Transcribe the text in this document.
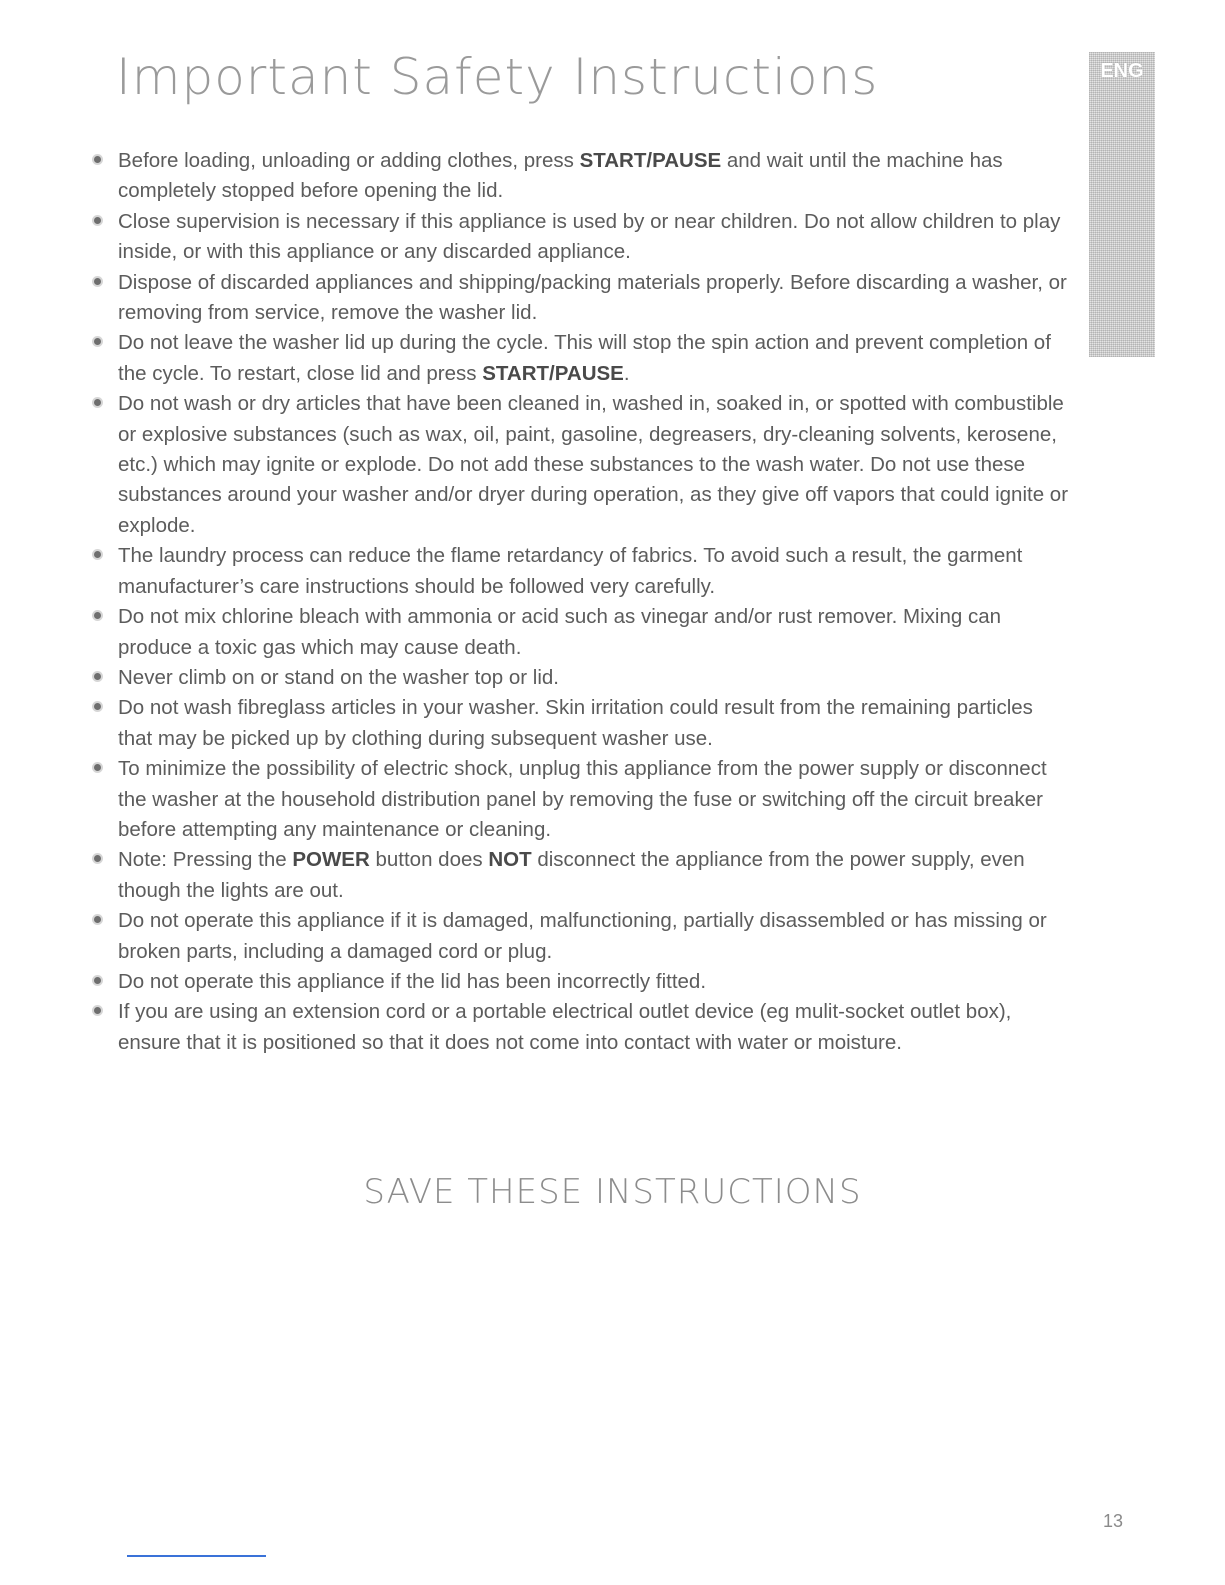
Important Safety Instructions	ENG
Before loading, unloading or adding clothes, press START/PAUSE and wait until the machine has completely stopped before opening the lid.
Close supervision is necessary if this appliance is used by or near children. Do not allow children to play inside, or with this appliance or any discarded appliance.
Dispose of discarded appliances and shipping/packing materials properly. Before discarding a washer, or removing from service, remove the washer lid.
Do not leave the washer lid up during the cycle. This will stop the spin action and prevent completion of the cycle. To restart, close lid and press START/PAUSE.
Do not wash or dry articles that have been cleaned in, washed in, soaked in, or spotted with combustible or explosive substances (such as wax, oil, paint, gasoline, degreasers, dry-cleaning solvents, kerosene, etc.) which may ignite or explode. Do not add these substances to the wash water. Do not use these substances around your washer and/or dryer during operation, as they give off vapors that could ignite or explode.
The laundry process can reduce the flame retardancy of fabrics. To avoid such a result, the garment manufacturer’s care instructions should be followed very carefully.
Do not mix chlorine bleach with ammonia or acid such as vinegar and/or rust remover. Mixing can produce a toxic gas which may cause death.
Never climb on or stand on the washer top or lid.
Do not wash fibreglass articles in your washer. Skin irritation could result from the remaining particles that may be picked up by clothing during subsequent washer use.
To minimize the possibility of electric shock, unplug this appliance from the power supply or disconnect the washer at the household distribution panel by removing the fuse or switching off the circuit breaker before attempting any maintenance or cleaning.
Note: Pressing the POWER button does NOT disconnect the appliance from the power supply, even though the lights are out.
Do not operate this appliance if it is damaged, malfunctioning, partially disassembled or has missing or broken parts, including a damaged cord or plug.
Do not operate this appliance if the lid has been incorrectly fitted.
If you are using an extension cord or a portable electrical outlet device (eg mulit-socket outlet box), ensure that it is positioned so that it does not come into contact with water or moisture.
SAVE THESE INSTRUCTIONS
13
